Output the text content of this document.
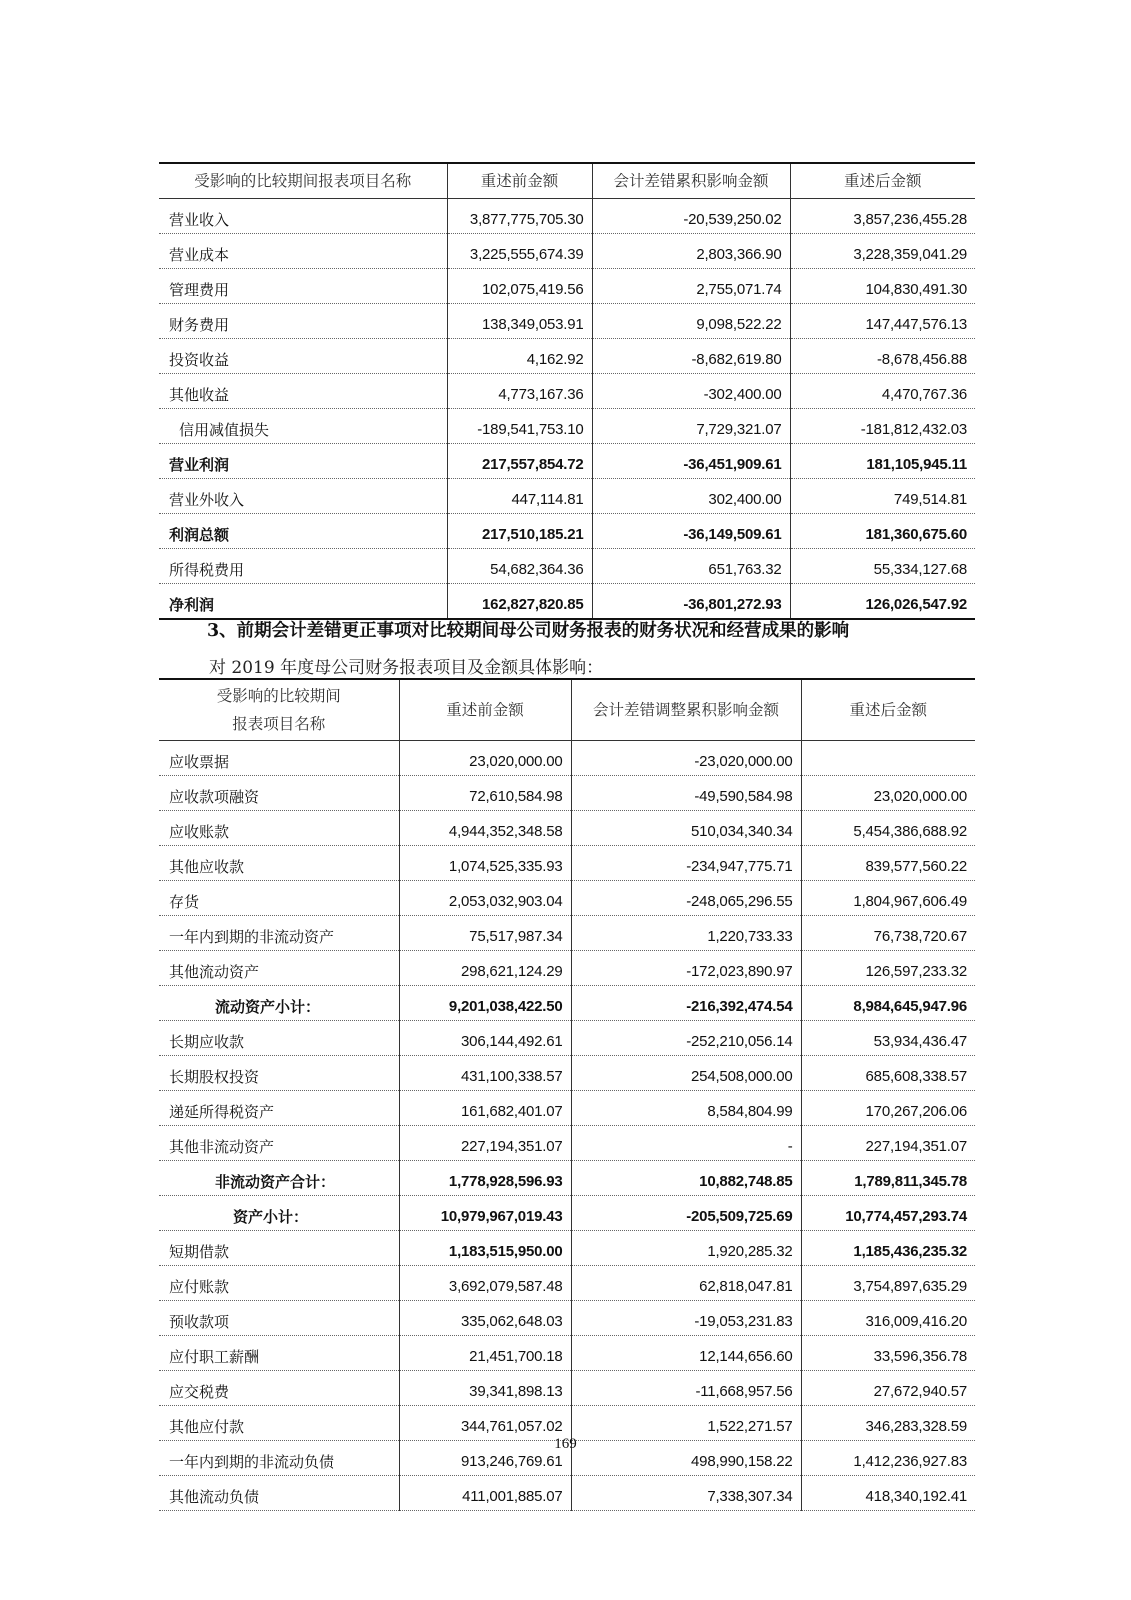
受影响的比较期间报表项目名称	重述前金额	会计差错累积影响金额	重述后金额
营业收入	3,877,775,705.30	-20,539,250.02	3,857,236,455.28
营业成本	3,225,555,674.39	2,803,366.90	3,228,359,041.29
管理费用	102,075,419.56	2,755,071.74	104,830,491.30
财务费用	138,349,053.91	9,098,522.22	147,447,576.13
投资收益	4,162.92	-8,682,619.80	-8,678,456.88
其他收益	4,773,167.36	-302,400.00	4,470,767.36
信用减值损失	-189,541,753.10	7,729,321.07	-181,812,432.03
营业利润	217,557,854.72	-36,451,909.61	181,105,945.11
营业外收入	447,114.81	302,400.00	749,514.81
利润总额	217,510,185.21	-36,149,509.61	181,360,675.60
所得税费用	54,682,364.36	651,763.32	55,334,127.68
净利润	162,827,820.85	-36,801,272.93	126,026,547.92
3、前期会计差错更正事项对比较期间母公司财务报表的财务状况和经营成果的影响
对 2019 年度母公司财务报表项目及金额具体影响：
受影响的比较期间
报表项目名称	重述前金额	会计差错调整累积影响金额	重述后金额
应收票据	23,020,000.00	-23,020,000.00	
应收款项融资	72,610,584.98	-49,590,584.98	23,020,000.00
应收账款	4,944,352,348.58	510,034,340.34	5,454,386,688.92
其他应收款	1,074,525,335.93	-234,947,775.71	839,577,560.22
存货	2,053,032,903.04	-248,065,296.55	1,804,967,606.49
一年内到期的非流动资产	75,517,987.34	1,220,733.33	76,738,720.67
其他流动资产	298,621,124.29	-172,023,890.97	126,597,233.32
流动资产小计：	9,201,038,422.50	-216,392,474.54	8,984,645,947.96
长期应收款	306,144,492.61	-252,210,056.14	53,934,436.47
长期股权投资	431,100,338.57	254,508,000.00	685,608,338.57
递延所得税资产	161,682,401.07	8,584,804.99	170,267,206.06
其他非流动资产	227,194,351.07	-	227,194,351.07
非流动资产合计：	1,778,928,596.93	10,882,748.85	1,789,811,345.78
资产小计：	10,979,967,019.43	-205,509,725.69	10,774,457,293.74
短期借款	1,183,515,950.00	1,920,285.32	1,185,436,235.32
应付账款	3,692,079,587.48	62,818,047.81	3,754,897,635.29
预收款项	335,062,648.03	-19,053,231.83	316,009,416.20
应付职工薪酬	21,451,700.18	12,144,656.60	33,596,356.78
应交税费	39,341,898.13	-11,668,957.56	27,672,940.57
其他应付款	344,761,057.02	1,522,271.57	346,283,328.59
一年内到期的非流动负债	913,246,769.61	498,990,158.22	1,412,236,927.83
其他流动负债	411,001,885.07	7,338,307.34	418,340,192.41
169
